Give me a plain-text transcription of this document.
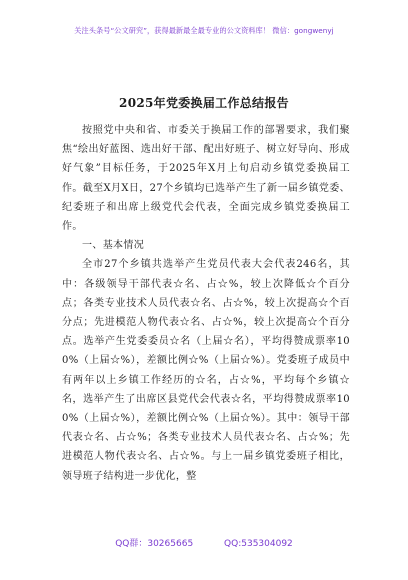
关注头条号“公文研究”，获得最新最全最专业的公文资料库！ 微信：gongwenyj
2025年党委换届工作总结报告

按照党中央和省、市委关于换届工作的部署要求，我们聚焦“绘出好蓝图、选出好干部、配出好班子、树立好导向、形成好气象”目标任务，于2025年X月上旬启动乡镇党委换届工作。截至X月X日，27个乡镇均已选举产生了新一届乡镇党委、纪委班子和出席上级党代会代表，全面完成乡镇党委换届工作。

一、基本情况

全市27个乡镇共选举产生党员代表大会代表246名，其中：各级领导干部代表☆名、占☆%，较上次降低☆个百分点；各类专业技术人员代表☆名、占☆%，较上次提高☆个百分点；先进模范人物代表☆名、占☆%，较上次提高☆个百分点。选举产生党委委员☆名（上届☆名），平均得赞成票率100%（上届☆%），差额比例☆%（上届☆%）。党委班子成员中有两年以上乡镇工作经历的☆名，占☆%，平均每个乡镇☆名，选举产生了出席区县党代会代表☆名，平均得赞成票率100%（上届☆%），差额比例☆%（上届☆%）。其中：领导干部代表☆名、占☆%；各类专业技术人员代表☆名、占☆%；先进模范人物代表☆名、占☆%。与上一届乡镇党委班子相比，领导班子结构进一步优化，整

QQ群：30265665	QQ:535304092
